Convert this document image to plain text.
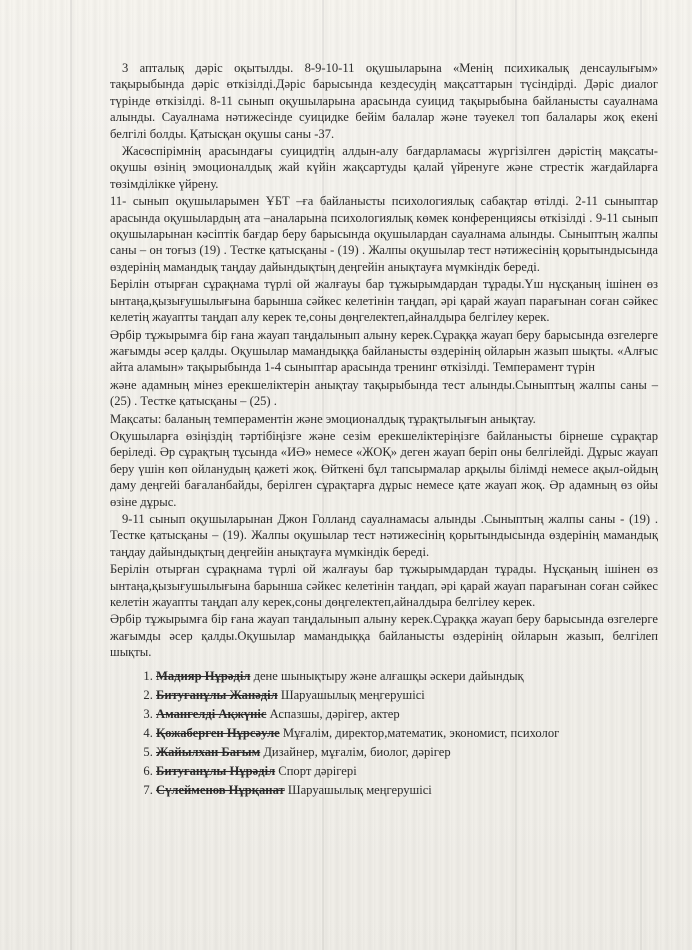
3 апталық дәріс оқытылды. 8-9-10-11 оқушыларына «Менің психикалық денсаулығым» тақырыбында дәріс өткізілді.Дәріс барысында кездесудің мақсаттарын түсіндірді. Дәріс диалог түрінде өткізілді. 8-11 сынып оқушыларына арасында суицид тақырыбына байланысты сауалнама алынды. Сауалнама нәтижесінде суицидке бейім балалар және тәуекел топ балалары жоқ екені белгілі болды. Қатысқан оқушы саны -37.

Жасөспірімнің арасындағы суицидтің алдын-алу бағдарламасы жүргізілген дәрістің мақсаты- оқушы өзінің эмоционалдық жай күйін жақсартуды қалай үйренуге және стрестік жағдайларға төзімділікке үйрену.

11- сынып оқушыларымен ҰБТ –ға байланысты психологиялық сабақтар өтілді. 2-11 сыныптар арасында оқушылардың ата –аналарына психологиялық көмек конференциясы өткізілді . 9-11 сынып оқушыларынан кәсіптік бағдар беру барысында оқушылардан сауалнама алынды. Сыныптың жалпы саны – он тоғыз (19) . Тестке қатысқаны - (19) . Жалпы оқушылар тест нәтижесінің қорытындысында өздерінің мамандық таңдау дайындықтың деңгейін анықтауға мүмкіндік береді.

Берілін отырған сұрақнама түрлі ой жалғауы бар тұжырымдардан тұрады.Үш нұсқаның ішінен өз ынтаңа,қызығушылығына барынша сәйкес келетінін таңдап, әрі қарай жауап парағынан соған сәйкес келетің жауапты таңдап алу керек те,соны дөңгелектеп,айналдыра белгілеу керек.

Әрбір тұжырымға бір ғана жауап таңдалынып алыну керек.Сұраққа жауап беру барысында өзгелерге жағымды әсер қалды. Оқушылар мамандыққа байланысты өздерінің ойларын жазып шықты. «Алғыс айта аламын» тақырыбында 1-4 сыныптар арасында тренинг өткізілді. Темперамент түрін

және адамның мінез ерекшеліктерін анықтау тақырыбында тест алынды.Сыныптың жалпы саны – (25) . Тестке қатысқаны – (25) .

Мақсаты: баланың темпераментін және эмоционалдық тұрақтылығын анықтау.

Оқушыларға өзіңіздің тәртібіңізге және сезім ерекшеліктеріңізге байланысты бірнеше сұрақтар беріледі. Әр сұрақтың тұсында «ИӘ» немесе «ЖОҚ» деген жауап беріп оны белгілейді. Дұрыс жауап беру үшін көп ойланудың қажеті жоқ. Өйткені бұл тапсырмалар арқылы білімді немесе ақыл-ойдың даму деңгейі бағаланбайды, берілген сұрақтарға дұрыс немесе қате жауап жоқ. Әр адамның өз ойы өзіне дұрыс.

9-11 сынып оқушыларынан Джон Голланд сауалнамасы алынды .Сыныптың жалпы саны - (19) . Тестке қатысқаны – (19). Жалпы оқушылар тест нәтижесінің қорытындысында өздерінің мамандық таңдау дайындықтың деңгейін анықтауға мүмкіндік береді.

Берілін отырған сұрақнама түрлі ой жалғауы бар тұжырымдардан тұрады. Нұсқаның ішінен өз ынтаңа,қызығушылығына барынша сәйкес келетінін таңдап, әрі қарай жауап парағынан соған сәйкес келетін жауапты таңдап алу керек,соны дөңгелектеп,айналдыра белгілеу керек.

Әрбір тұжырымға бір ғана жауап таңдалынып алыну керек.Сұраққа жауап беру барысында өзгелерге жағымды әсер қалды.Оқушылар мамандыққа байланысты өздерінің ойларын жазып, белгілеп шықты.

1. Мадияр Нұрәділ дене шынықтыру және алғашқы әскери дайындық
2. Битуғанұлы Жанәділ Шаруашылық меңгерушісі
3. Амангелді Ақжүніс Аспазшы, дәрігер, актер
4. Қожаберген Нұрсәуле Мұғалім, директор,математик, экономист, психолог
5. Жайылхан Бағым Дизайнер, мұғалім, биолог, дәрігер
6. Битуғанұлы Нұрәділ Спорт дәрігері
7. Сүлейменов Нұрқанат Шаруашылық меңгерушісі
